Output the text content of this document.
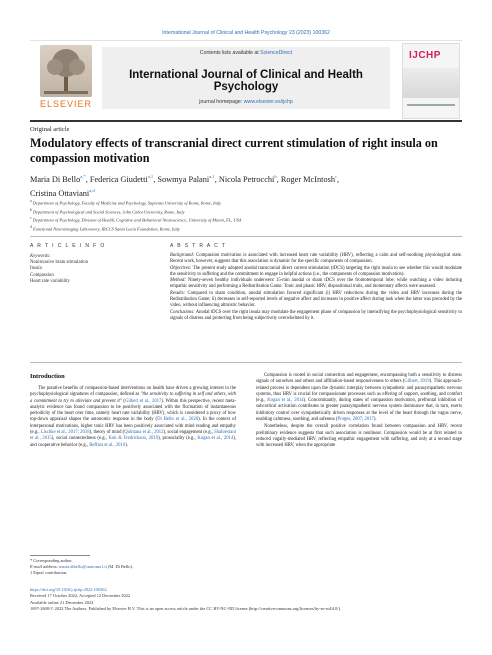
International Journal of Clinical and Health Psychology 23 (2023) 100362
ELSEVIER
Contents lists available at ScienceDirect
International Journal of Clinical and Health Psychology
journal homepage: www.elsevier.es/ijchp
IJCHP
Original article
Modulatory effects of transcranial direct current stimulation of right insula on compassion motivation
Maria Di Bello$^{a,*}$, Federica Giudetti$^{a,1}$, Sowmya Palani$^{a,1}$, Nicola Petrocchi$^b$, Roger McIntosh$^c$,
Cristina Ottaviani$^{a,d}$
$^a$ Department of Psychology, Faculty of Medicine and Psychology, Sapienza University of Rome, Rome, Italy
$^b$ Department of Psychological and Social Sciences, John Cabot University, Rome, Italy
$^c$ Department of Psychology, Division of Health, Cognitive and Behavioral Neuroscience, University of Miami, FL, USA
$^d$ Functional Neuroimaging Laboratory, IRCCS Santa Lucia Foundation, Rome, Italy
A R T I C L E I N F O
Keywords:
Noninvasive brain stimulation
Insula
Compassion
Heart rate variability
A B S T R A C T

Background: Compassion motivation is associated with increased heart rate variability (HRV), reflecting a calm and self-soothing physiological state. Recent work, however, suggests that this association is dynamic for the specific components of compassion.

Objectives: The present study adopted anodal transcranial direct current stimulation (tDCS) targeting the right insula to see whether this would modulate the sensitivity to suffering and the commitment to engage in helpful actions (i.e., the components of compassion motivation).

Method: Ninety-seven healthy individuals underwent 15-min anodal or sham tDCS over the frontotemporal lobe, while watching a video inducing empathic sensitivity and performing a Redistribution Game. Tonic and phasic HRV, dispositional traits, and momentary affects were assessed.

Results: Compared to sham condition, anodal stimulation favored significant (i) HRV reductions during the video and HRV increases during the Redistribution Game; ii) decreases in self-reported levels of negative affect and increases in positive affect during task when the latter was preceded by the video, without influencing altruistic behavior.

Conclusions: Anodal tDCS over the right insula may modulate the engagement phase of compassion by intensifying the psychophysiological sensitivity to signals of distress and protecting from being subjectively overwhelmed by it.

Introduction

The putative benefits of compassion-based interventions on health have driven a growing interest in the psychophysiological signatures of compassion, defined as "the sensitivity to suffering in self and others, with a commitment to try to alleviate and prevent it" (Gilbert et al., 2017). Within this perspective, recent meta-analytic evidence has found compassion to be positively associated with the fluctuation of instantaneous periodicity of the heart over time, namely heart rate variability (HRV), which is considered a proxy of how top-down appraisal shapes the autonomic response in the body (Di Bello et al., 2020). In the context of interpersonal motivations, higher tonic HRV has been positively associated with mind reading and empathy (e.g., Lischke et al., 2017; 2018), theory of mind (Quintana et al., 2012), social engagement (e.g., Shahrestani et al., 2015), social connectedness (e.g., Kok & Fredrickson, 2010), prosociality (e.g., Kogan et al., 2014), and cooperative behavior (e.g., Beffara et al., 2016).

Compassion is rooted in social connection and engagement, encompassing both a sensitivity to distress signals of ourselves and others and affiliation-based responsiveness to others (Gilbert, 2019). This approach-related process is dependent upon the dynamic interplay between sympathetic and parasympathetic nervous systems, thus HRV is crucial for compassionate processes such as offering of support, soothing, and comfort (e.g., Kogan et al., 2014). Concomitantly, during states of compassion motivation, prefrontal inhibition of subcortical activation contributes to greater parasympathetic nervous system dominance that, in turn, exerts inhibitory control over sympathetically driven responses at the level of the heart through the vagus nerve, enabling calmness, soothing, and safeness (Porges, 2007; 2017).

Nonetheless, despite the overall positive correlation found between compassion and HRV, recent preliminary evidence suggests that such association is nonlinear. Compassion would be at first related to reduced vagally-mediated HRV, reflecting empathic engagement with suffering, and only at a second stage with increased HRV, when the appropriate

* Corresponding author.
E-mail address: maria.dibello@uniroma1.it (M. Di Bello).
1 Equal contribution.
https://doi.org/10.1016/j.ijchp.2022.100362
Received 17 October 2022; Accepted 12 December 2022
Available online 21 December 2022
1697-2600/© 2022 The Authors. Published by Elsevier B.V. This is an open access article under the CC BY-NC-ND license (http://creativecommons.org/licenses/by-nc-nd/4.0/).
